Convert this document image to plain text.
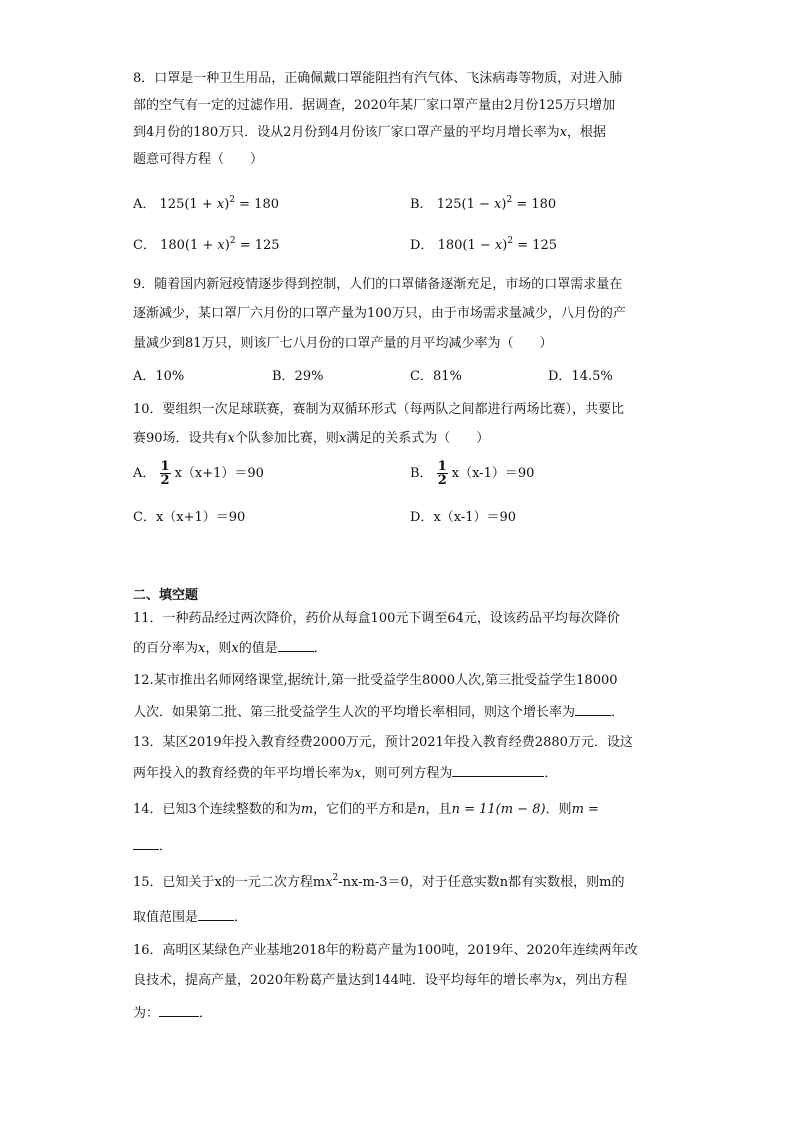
8．口罩是一种卫生用品，正确佩戴口罩能阻挡有汽气体、飞沫病毒等物质，对进入肺
部的空气有一定的过滤作用．据调查，2020年某厂家口罩产量由2月份125万只增加
到4月份的180万只．设从2月份到4月份该厂家口罩产量的平均月增长率为x，根据
题意可得方程（　　）
A． $125(1 + x)^2 = 180$	B． $125(1 - x)^2 = 180$
C． $180(1 + x)^2 = 125$	D． $180(1 - x)^2 = 125$
9．随着国内新冠疫情逐步得到控制，人们的口罩储备逐渐充足，市场的口罩需求量在
逐渐减少，某口罩厂六月份的口罩产量为100万只，由于市场需求量减少，八月份的产
量减少到81万只，则该厂七八月份的口罩产量的月平均减少率为（　　）
A．10%	B．29%	C．81%	D．14.5%
10．要组织一次足球联赛，赛制为双循环形式（每两队之间都进行两场比赛），共要比
赛90场．设共有x个队参加比赛，则x满足的关系式为（　　）
A． $\frac{1}{2} x(x+1)=90$	B． $\frac{1}{2} x(x-1)=90$
C．x（x+1）＝90	D．x（x-1）＝90
二、填空题
11．一种药品经过两次降价，药价从每盒100元下调至64元，设该药品平均每次降价
的百分率为x，则x的值是	．
12.某市推出名师网络课堂,据统计,第一批受益学生8000人次,第三批受益学生18000
人次．如果第二批、第三批受益学生人次的平均增长率相同，则这个增长率为	．
13．某区2019年投入教育经费2000万元，预计2021年投入教育经费2880万元．设这
两年投入的教育经费的年平均增长率为x，则可列方程为	．
14．已知3个连续整数的和为m，它们的平方和是n，且n = 11(m − 8)．则m =
．
15．已知关于x的一元二次方程$mx^2-nx-m-3=0$，对于任意实数n都有实数根，则m的
取值范围是	．
16．高明区某绿色产业基地2018年的粉葛产量为100吨，2019年、2020年连续两年改
良技术，提高产量，2020年粉葛产量达到144吨．设平均每年的增长率为x，列出方程
为：	．
